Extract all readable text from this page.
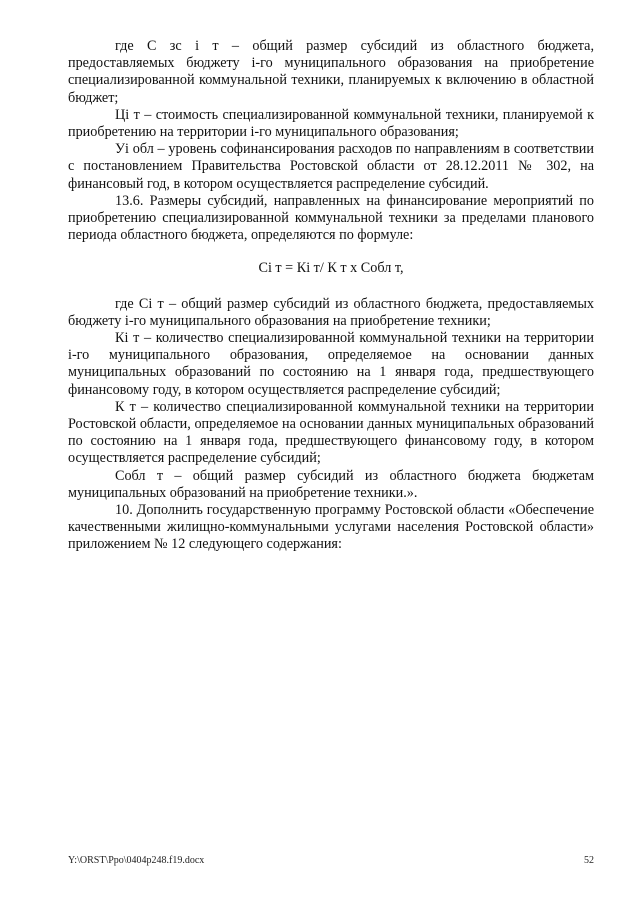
где С зс і т – общий размер субсидий из областного бюджета, предоставляемых бюджету і-го муниципального образования на приобретение специализированной коммунальной техники, планируемых к включению в областной бюджет;

Ці т – стоимость специализированной коммунальной техники, планируемой к приобретению на территории і-го муниципального образования;

Уі обл – уровень софинансирования расходов по направлениям в соответствии с постановлением Правительства Ростовской области от 28.12.2011 № 302, на финансовый год, в котором осуществляется распределение субсидий.

13.6. Размеры субсидий, направленных на финансирование мероприятий по приобретению специализированной коммунальной техники за пределами планового периода областного бюджета, определяются по формуле:

Сі т = Кі т/ К т х Собл т,

где Сі т – общий размер субсидий из областного бюджета, предоставляемых бюджету і-го муниципального образования на приобретение техники;

Кі т – количество специализированной коммунальной техники на территории і-го муниципального образования, определяемое на основании данных муниципальных образований по состоянию на 1 января года, предшествующего финансовому году, в котором осуществляется распределение субсидий;

К т – количество специализированной коммунальной техники на территории Ростовской области, определяемое на основании данных муниципальных образований по состоянию на 1 января года, предшествующего финансовому году, в котором осуществляется распределение субсидий;

Собл т – общий размер субсидий из областного бюджета бюджетам муниципальных образований на приобретение техники.».

10. Дополнить государственную программу Ростовской области «Обеспечение качественными жилищно-коммунальными услугами населения Ростовской области» приложением № 12 следующего содержания:

Y:\ORST\Ppo\0404p248.f19.docx	52
